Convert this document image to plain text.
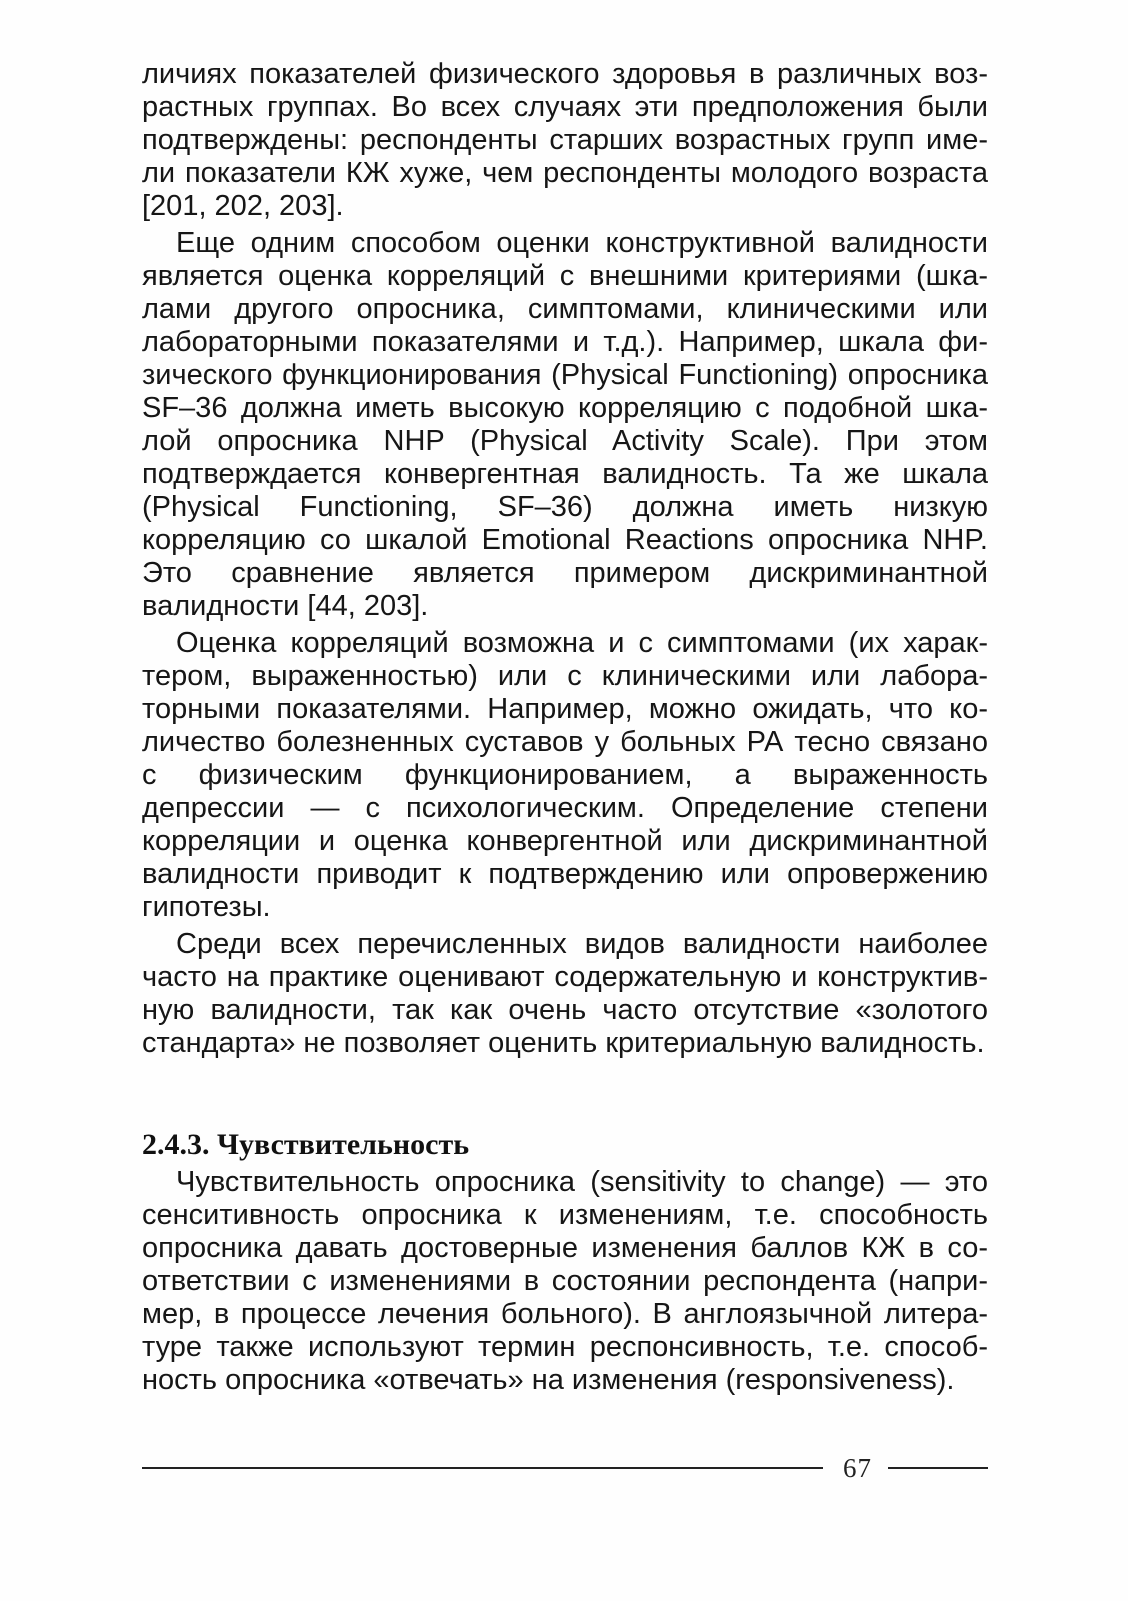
личиях показателей физического здоровья в различных возрастных группах. Во всех случаях эти предположения были подтверждены: респонденты старших возрастных групп имели показатели КЖ хуже, чем респонденты молодого возраста [201, 202, 203].

Еще одним способом оценки конструктивной валидности является оценка корреляций с внешними критериями (шкалами другого опросника, симптомами, клиническими или лабораторными показателями и т.д.). Например, шкала физического функционирования (Physical Functioning) опросника SF–36 должна иметь высокую корреляцию с подобной шкалой опросника NHP (Physical Activity Scale). При этом подтверждается конвергентная валидность. Та же шкала (Physical Functioning, SF–36) должна иметь низкую корреляцию со шкалой Emotional Reactions опросника NHP. Это сравнение является примером дискриминантной валидности [44, 203].

Оценка корреляций возможна и с симптомами (их характером, выраженностью) или с клиническими или лабораторными показателями. Например, можно ожидать, что количество болезненных суставов у больных РА тесно связано с физическим функционированием, а выраженность депрессии — с психологическим. Определение степени корреляции и оценка конвергентной или дискриминантной валидности приводит к подтверждению или опровержению гипотезы.

Среди всех перечисленных видов валидности наиболее часто на практике оценивают содержательную и конструктивную валидности, так как очень часто отсутствие «золотого стандарта» не позволяет оценить критериальную валидность.

2.4.3. Чувствительность

Чувствительность опросника (sensitivity to change) — это сенситивность опросника к изменениям, т.е. способность опросника давать достоверные изменения баллов КЖ в соответствии с изменениями в состоянии респондента (например, в процессе лечения больного). В англоязычной литературе также используют термин респонсивность, т.е. способность опросника «отвечать» на изменения (responsiveness).

67
